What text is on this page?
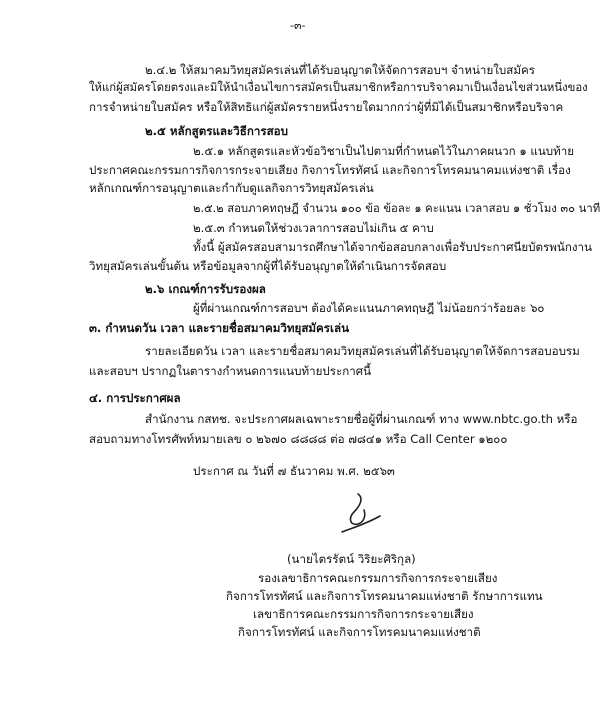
-๓-
๒.๔.๒ ให้สมาคมวิทยุสมัครเล่นที่ได้รับอนุญาตให้จัดการสอบฯ จำหน่ายใบสมัคร
ให้แก่ผู้สมัครโดยตรงและมิให้นำเงื่อนไขการสมัครเป็นสมาชิกหรือการบริจาคมาเป็นเงื่อนไขส่วนหนึ่งของ
การจำหน่ายใบสมัคร หรือให้สิทธิแก่ผู้สมัครรายหนึ่งรายใดมากกว่าผู้ที่มิได้เป็นสมาชิกหรือบริจาค
๒.๕ หลักสูตรและวิธีการสอบ
๒.๕.๑ หลักสูตรและหัวข้อวิชาเป็นไปตามที่กำหนดไว้ในภาคผนวก ๑ แนบท้าย
ประกาศคณะกรรมการกิจการกระจายเสียง กิจการโทรทัศน์ และกิจการโทรคมนาคมแห่งชาติ เรื่อง
หลักเกณฑ์การอนุญาตและกำกับดูแลกิจการวิทยุสมัครเล่น
๒.๕.๒ สอบภาคทฤษฎี จำนวน ๑๐๐ ข้อ ข้อละ ๑ คะแนน เวลาสอบ ๑ ชั่วโมง ๓๐ นาที
๒.๕.๓ กำหนดให้ช่วงเวลาการสอบไม่เกิน ๕ คาบ
ทั้งนี้ ผู้สมัครสอบสามารถศึกษาได้จากข้อสอบกลางเพื่อรับประกาศนียบัตรพนักงาน
วิทยุสมัครเล่นขั้นต้น หรือข้อมูลจากผู้ที่ได้รับอนุญาตให้ดำเนินการจัดสอบ
๒.๖ เกณฑ์การรับรองผล
ผู้ที่ผ่านเกณฑ์การสอบฯ ต้องได้คะแนนภาคทฤษฎี ไม่น้อยกว่าร้อยละ ๖๐
๓. กำหนดวัน เวลา และรายชื่อสมาคมวิทยุสมัครเล่น
รายละเอียดวัน เวลา และรายชื่อสมาคมวิทยุสมัครเล่นที่ได้รับอนุญาตให้จัดการสอบอบรม
และสอบฯ ปรากฏในตารางกำหนดการแนบท้ายประกาศนี้
๔. การประกาศผล
สำนักงาน กสทช. จะประกาศผลเฉพาะรายชื่อผู้ที่ผ่านเกณฑ์ ทาง www.nbtc.go.th หรือ
สอบถามทางโทรศัพท์หมายเลข ๐ ๒๖๗๐ ๘๘๘๘ ต่อ ๗๘๔๑ หรือ Call Center ๑๒๐๐
ประกาศ ณ วันที่ ๗ ธันวาคม พ.ศ. ๒๕๖๓
(นายไตรรัตน์ วิริยะศิริกุล)
รองเลขาธิการคณะกรรมการกิจการกระจายเสียง
กิจการโทรทัศน์ และกิจการโทรคมนาคมแห่งชาติ รักษาการแทน
เลขาธิการคณะกรรมการกิจการกระจายเสียง
กิจการโทรทัศน์ และกิจการโทรคมนาคมแห่งชาติ
